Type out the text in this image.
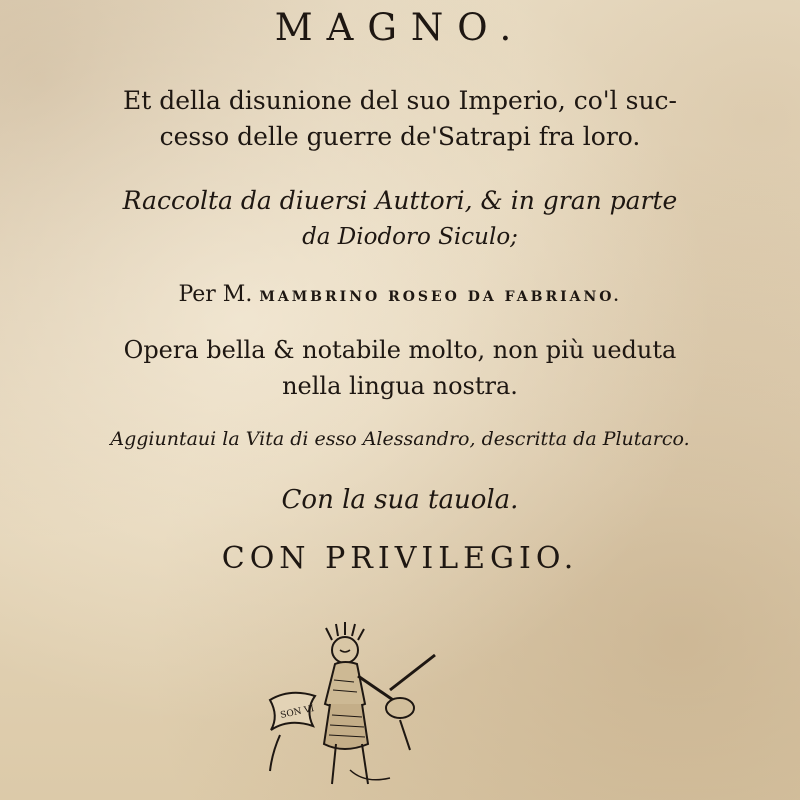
MAGNO.
Et della disunione del suo Imperio, co'l suc-
cesso delle guerre de'Satrapi fra loro.
Raccolta da diuersi Auttori, & in gran parte
da Diodoro Siculo;
Per M. MAMBRINO ROSEO DA FABRIANO.
Opera bella & notabile molto, non più ueduta
nella lingua nostra.
Aggiuntaui la Vita di esso Alessandro, descritta da Plutarco.
Con la sua tauola.
CON PRIVILEGIO.
SON VI
